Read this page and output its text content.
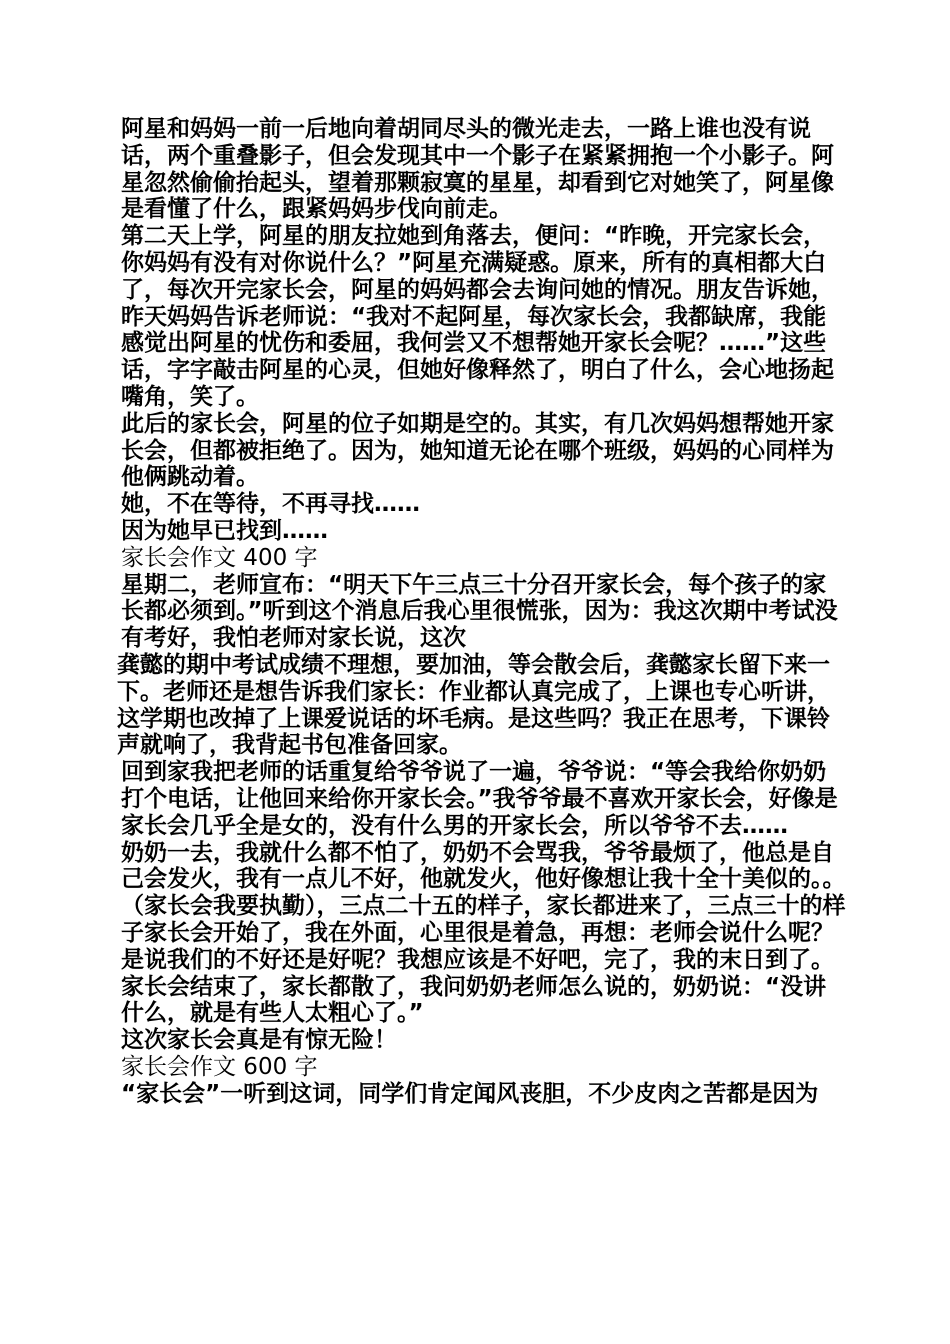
阿星和妈妈一前一后地向着胡同尽头的微光走去，一路上谁也没有说话，两个重叠影子，但会发现其中一个影子在紧紧拥抱一个小影子。阿星忽然偷偷抬起头，望着那颗寂寞的星星，却看到它对她笑了，阿星像是看懂了什么，跟紧妈妈步伐向前走。

第二天上学，阿星的朋友拉她到角落去，便问：“昨晚，开完家长会，你妈妈有没有对你说什么？”阿星充满疑惑。原来，所有的真相都大白了，每次开完家长会，阿星的妈妈都会去询问她的情况。朋友告诉她，昨天妈妈告诉老师说：“我对不起阿星，每次家长会，我都缺席，我能感觉出阿星的忧伤和委屈，我何尝又不想帮她开家长会呢？……”这些话，字字敲击阿星的心灵，但她好像释然了，明白了什么，会心地扬起嘴角，笑了。

此后的家长会，阿星的位子如期是空的。其实，有几次妈妈想帮她开家长会，但都被拒绝了。因为，她知道无论在哪个班级，妈妈的心同样为他俩跳动着。

她，不在等待，不再寻找……

因为她早已找到……

家长会作文 400 字

星期二，老师宣布：“明天下午三点三十分召开家长会，每个孩子的家长都必须到。”听到这个消息后我心里很慌张，因为：我这次期中考试没有考好，我怕老师对家长说，这次

龚懿的期中考试成绩不理想，要加油，等会散会后，龚懿家长留下来一下。老师还是想告诉我们家长：作业都认真完成了，上课也专心听讲，这学期也改掉了上课爱说话的坏毛病。是这些吗？我正在思考，下课铃声就响了，我背起书包准备回家。

回到家我把老师的话重复给爷爷说了一遍，爷爷说：“等会我给你奶奶打个电话，让他回来给你开家长会。”我爷爷最不喜欢开家长会，好像是家长会几乎全是女的，没有什么男的开家长会，所以爷爷不去……

奶奶一去，我就什么都不怕了，奶奶不会骂我，爷爷最烦了，他总是自己会发火，我有一点儿不好，他就发火，他好像想让我十全十美似的。。

（家长会我要执勤），三点二十五的样子，家长都进来了，三点三十的样子家长会开始了，我在外面，心里很是着急，再想：老师会说什么呢？是说我们的不好还是好呢？我想应该是不好吧，完了，我的末日到了。

家长会结束了，家长都散了，我问奶奶老师怎么说的，奶奶说：“没讲什么，就是有些人太粗心了。”

这次家长会真是有惊无险！

家长会作文 600 字

“家长会”一听到这词，同学们肯定闻风丧胆，不少皮肉之苦都是因为
